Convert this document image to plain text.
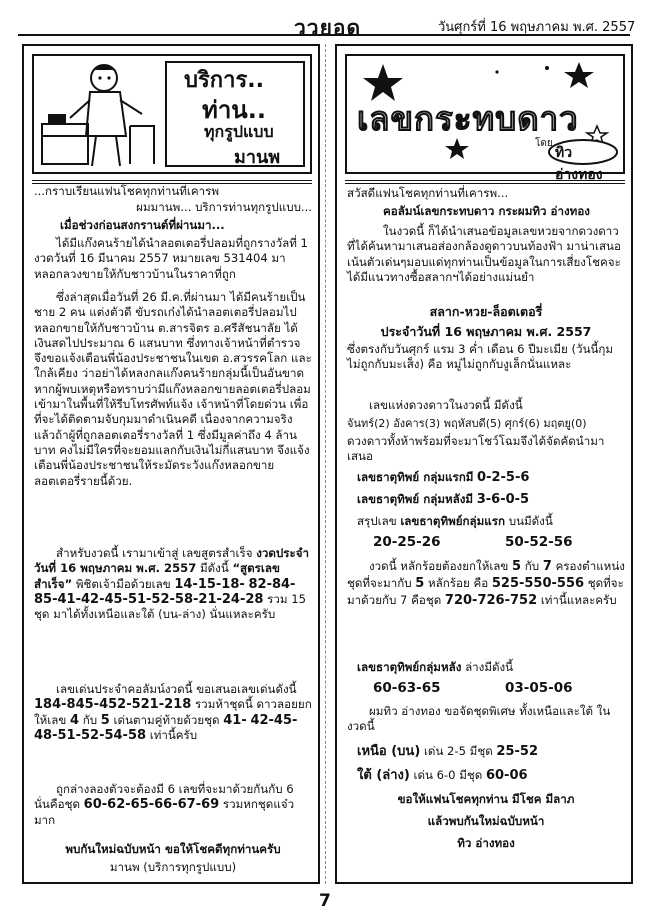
ววยอด	วันศุกร์ที่ 16 พฤษภาคม พ.ศ. 2557
บริการ..
ท่าน..
ทุกรูปแบบ
มานพ
...กราบเรียนแฟนโชคทุกท่านที่เคารพ
ผมมานพ... บริการท่านทุกรูปแบบ...
เมื่อช่วงก่อนสงกรานต์ที่ผ่านมา...
ได้มีแก๊งคนร้ายได้นำลอตเตอรี่ปลอมที่ถูกรางวัลที่ 1 งวดวันที่ 16 มีนาคม 2557 หมายเลข 531404 มาหลอกลวงขายให้กับชาวบ้านในราคาที่ถูก
ซึ่งล่าสุดเมื่อวันที่ 26 มี.ค.ที่ผ่านมา ได้มีคนร้ายเป็นชาย 2 คน แต่งตัวดี ขับรถเก๋งได้นำลอตเตอรี่ปลอมไปหลอกขายให้กับชาวบ้าน ต.สารจิตร อ.ศรีสัชนาลัย ได้เงินสดไปประมาณ 6 แสนบาท ซึ่งทางเจ้าหน้าที่ตำรวจจึงขอแจ้งเตือนพี่น้องประชาชนในเขต อ.สวรรคโลก และใกล้เคียง ว่าอย่าได้หลงกลแก๊งคนร้ายกลุ่มนี้เป็นอันขาด หากผู้พบเหตุหรือทราบว่ามีแก๊งหลอกขายลอตเตอรี่ปลอมเข้ามาในพื้นที่ให้รีบโทรศัพท์แจ้ง เจ้าหน้าที่โดยด่วน เพื่อที่จะได้ติดตามจับกุมมาดำเนินคดี เนื่องจากความจริงแล้วถ้าผู้ที่ถูกลอตเตอรี่รางวัลที่ 1 ซึ่งมีมูลค่าถึง 4 ล้านบาท คงไม่มีใครที่จะยอมแลกกับเงินไม่กี่แสนบาท จึงแจ้งเตือนพี่น้องประชาชนให้ระมัดระวังแก๊งหลอกขายลอตเตอรี่รายนี้ด้วย.
สำหรับงวดนี้ เรามาเข้าสู่ เลขสูตรสำเร็จ งวดประจำวันที่ 16 พฤษภาคม พ.ศ. 2557 มีดังนี้ “สูตรเลขสำเร็จ” พิชิตเจ้ามือด้วยเลข 14-15-18- 82-84-85-41-42-45-51-52-58-21-24-28 รวม 15 ชุด มาได้ทั้งเหนือและใต้ (บน-ล่าง) นั่นแหละครับ
เลขเด่นประจำคอลัมน์งวดนี้ ขอเสนอเลขเด่นดังนี้ 184-845-452-521-218 รวมห้าชุดนี้ ดาวลอยยกให้เลข 4 กับ 5 เด่นตามคู่ท้ายด้วยชุด 41- 42-45-48-51-52-54-58 เท่านี้ครับ
ถูกล่างลองตัวจะต้องมี 6 เลขที่จะมาด้วยกันกับ 6 นั่นคือชุด 60-62-65-66-67-69 รวมหกชุดแจ๋วมาก
พบกันใหม่ฉบับหน้า ขอให้โชคดีทุกท่านครับ
มานพ (บริการทุกรูปแบบ)
เลขกระทบดาว
โดย
ทิว อ่างทอง
สวัสดีแฟนโชคทุกท่านที่เคารพ...
คอลัมน์เลขกระทบดาว กระผมทิว อ่างทอง
ในงวดนี้ ก็ได้นำเสนอข้อมูลเลขหวยจากดวงดาวที่ได้ค้นหามาเสนอส่องกล้องดูดาวบนท้องฟ้า มาน่าเสนอ เน้นตัวเด่นๆมอบแด่ทุกท่านเป็นข้อมูลในการเสี่ยงโชคจะได้มีแนวทางซื้อสลากฯได้อย่างแม่นยำ
สลาก-หวย-ล็อตเตอรี่
ประจำวันที่ 16 พฤษภาคม พ.ศ. 2557
ซึ่งตรงกับวันศุกร์ แรม 3 ค่ำ เดือน 6 ปีมะเมีย (วันนี้กุมไม่ถูกกับมะเส็ง) คือ หมู่ไม่ถูกกับงูเล็กนั่นแหละ
เลขแห่งดวงดาวในงวดนี้ มีดังนี้
จันทร์(2) อังคาร(3) พฤหัสบดี(5) ศุกร์(6) มฤตยู(0)
ดวงดาวทั้งห้าพร้อมที่จะมาโชว์โฉมจึงได้จัดคัดนำมาเสนอ
เลขธาตุทิพย์ กลุ่มแรกมี 0-2-5-6
เลขธาตุทิพย์ กลุ่มหลังมี 3-6-0-5
สรุปเลข เลขธาตุทิพย์กลุ่มแรก บนมีดังนี้
20-25-26	50-52-56
งวดนี้ หลักร้อยต้องยกให้เลข 5 กับ 7 ครองตำแหน่งชุดที่จะมากับ 5 หลักร้อย คือ 525-550-556 ชุดที่จะมาด้วยกับ 7 คือชุด 720-726-752 เท่านี้แหละครับ
เลขธาตุทิพย์กลุ่มหลัง ล่างมีดังนี้
60-63-65	03-05-06
ผมทิว อ่างทอง ขอจัดชุดพิเศษ ทั้งเหนือและใต้ ในงวดนี้
เหนือ (บน) เด่น 2-5 มีชุด 25-52
ใต้ (ล่าง) เด่น 6-0 มีชุด 60-06
ขอให้แฟนโชคทุกท่าน มีโชค มีลาภ
แล้วพบกันใหม่ฉบับหน้า
ทิว อ่างทอง
7
